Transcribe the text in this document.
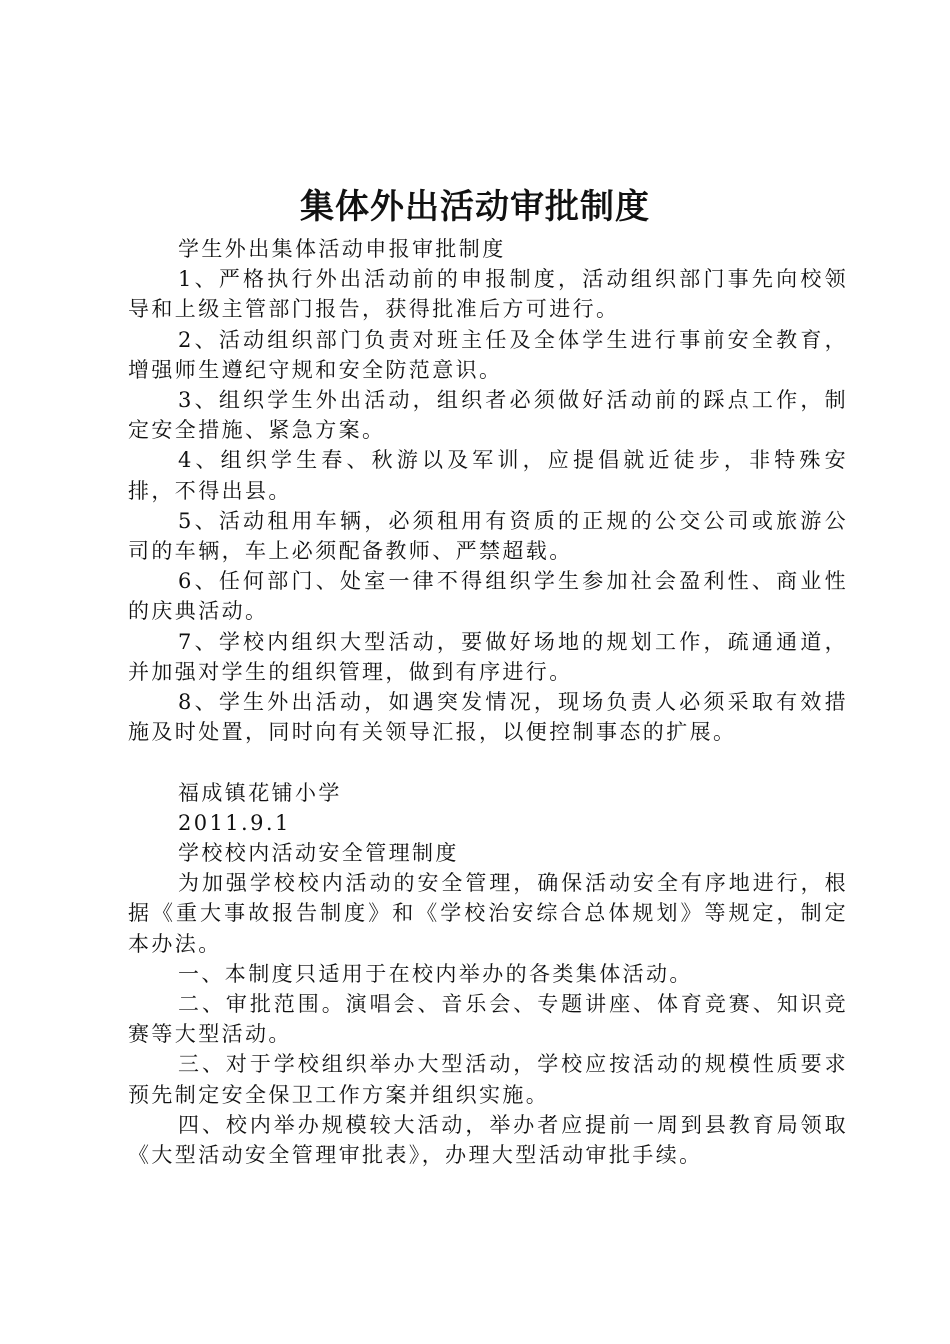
集体外出活动审批制度

学生外出集体活动申报审批制度

1、严格执行外出活动前的申报制度，活动组织部门事先向校领导和上级主管部门报告，获得批准后方可进行。

2、活动组织部门负责对班主任及全体学生进行事前安全教育，增强师生遵纪守规和安全防范意识。

3、组织学生外出活动，组织者必须做好活动前的踩点工作，制定安全措施、紧急方案。

4、组织学生春、秋游以及军训，应提倡就近徒步，非特殊安排，不得出县。

5、活动租用车辆，必须租用有资质的正规的公交公司或旅游公司的车辆，车上必须配备教师、严禁超载。

6、任何部门、处室一律不得组织学生参加社会盈利性、商业性的庆典活动。

7、学校内组织大型活动，要做好场地的规划工作，疏通通道，并加强对学生的组织管理，做到有序进行。

8、学生外出活动，如遇突发情况，现场负责人必须采取有效措施及时处置，同时向有关领导汇报，以便控制事态的扩展。

福成镇花铺小学

2011.9.1

学校校内活动安全管理制度

为加强学校校内活动的安全管理，确保活动安全有序地进行，根据《重大事故报告制度》和《学校治安综合总体规划》等规定，制定本办法。

一、本制度只适用于在校内举办的各类集体活动。

二、审批范围。演唱会、音乐会、专题讲座、体育竞赛、知识竞赛等大型活动。

三、对于学校组织举办大型活动，学校应按活动的规模性质要求预先制定安全保卫工作方案并组织实施。

四、校内举办规模较大活动，举办者应提前一周到县教育局领取《大型活动安全管理审批表》，办理大型活动审批手续。
